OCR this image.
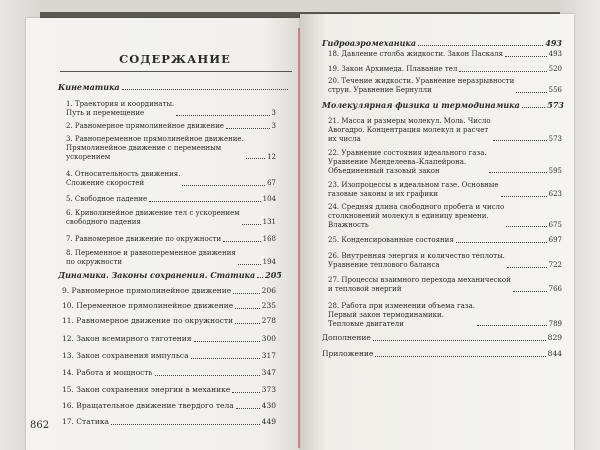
СОДЕРЖАНИЕ
Кинематика
1. Траектория и координаты.
Путь и перемещение	3
2. Равномерное прямолинейное движение	3
3. Равнопеременное прямолинейное движение.
Прямолинейное движение с переменным
ускорением	12
4. Относительность движения.
Сложение скоростей	67
5. Свободное падение	104
6. Криволинейное движение тел с ускорением
свободного падения	131
7. Равномерное движение по окружности	168
8. Переменное и равнопеременное движения
по окружности	194
Динамика. Законы сохранения. Статика 205
9. Равномерное прямолинейное движение	206
10. Переменное прямолинейное движение	235
11. Равномерное движение по окружности	278
12. Закон всемирного тяготения	300
13. Закон сохранения импульса	317
14. Работа и мощность	347
15. Закон сохранения энергии в механике	373
16. Вращательное движение твердого тела	430
17. Статика	449
862
Гидроаэромеханика	493
18. Давление столба жидкости. Закон Паскаля	493
19. Закон Архимеда. Плавание тел	520
20. Течение жидкости. Уравнение неразрывности
струи. Уравнение Бернулли	556
Молекулярная физика и термодинамика	573
21. Масса и размеры молекул. Моль. Число
Авогадро. Концентрация молекул и расчет
их числа	573
22. Уравнение состояния идеального газа.
Уравнение Менделеева–Клапейрона.
Объединенный газовый закон	595
23. Изопроцессы в идеальном газе. Основные
газовые законы и их графики	623
24. Средняя длина свободного пробега и число
столкновений молекул в единицу времени.
Влажность	675
25. Конденсированные состояния	697
26. Внутренняя энергия и количество теплоты.
Уравнение теплового баланса	722
27. Процессы взаимного перехода механической
и тепловой энергий	766
28. Работа при изменении объема газа.
Первый закон термодинамики.
Тепловые двигатели	789
Дополнение	829
Приложение	844
